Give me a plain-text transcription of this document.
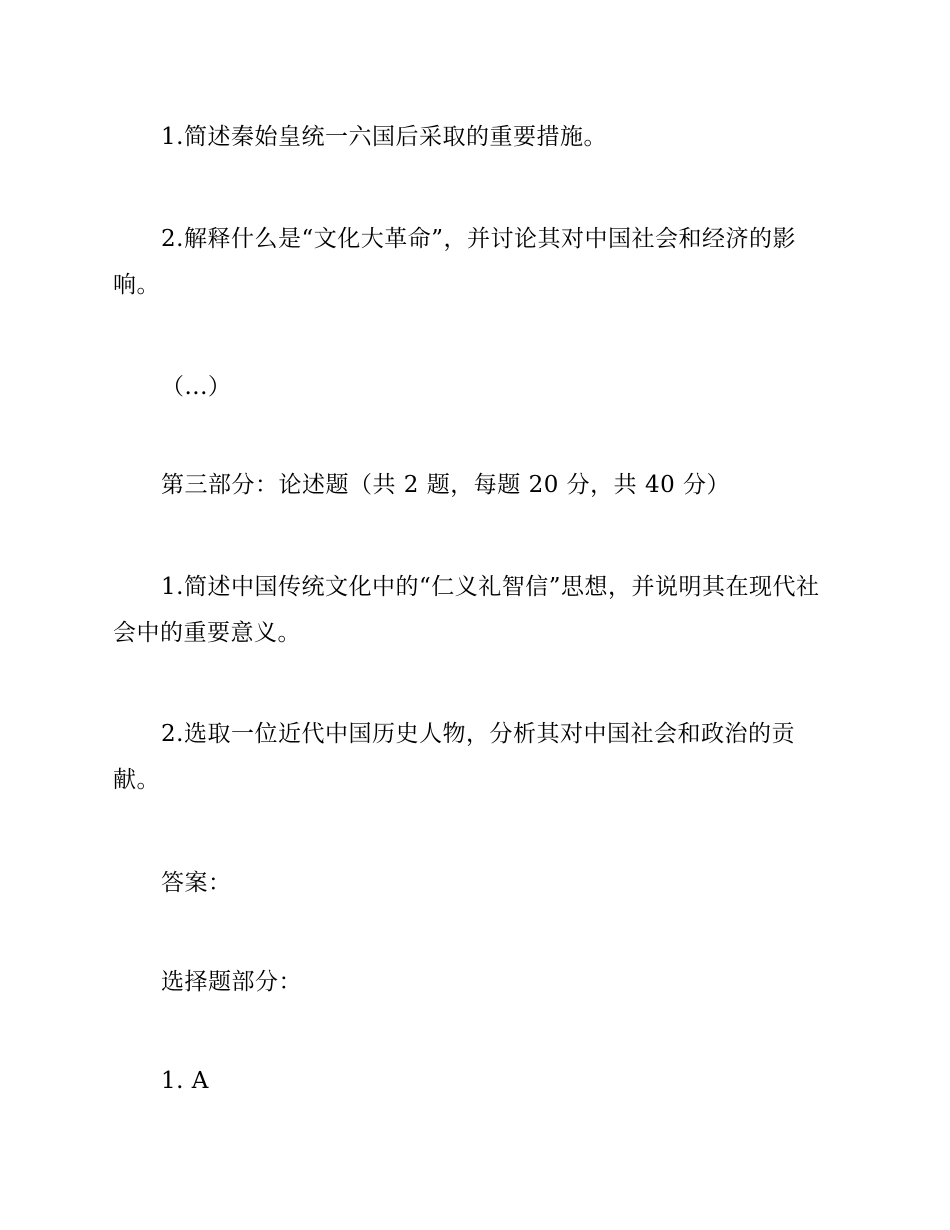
1.简述秦始皇统一六国后采取的重要措施。

2.解释什么是“文化大革命”，并讨论其对中国社会和经济的影响。

（...）

第三部分：论述题（共 2 题，每题 20 分，共 40 分）

1.简述中国传统文化中的“仁义礼智信”思想，并说明其在现代社会中的重要意义。

2.选取一位近代中国历史人物，分析其对中国社会和政治的贡献。

答案：

选择题部分：

1. A
